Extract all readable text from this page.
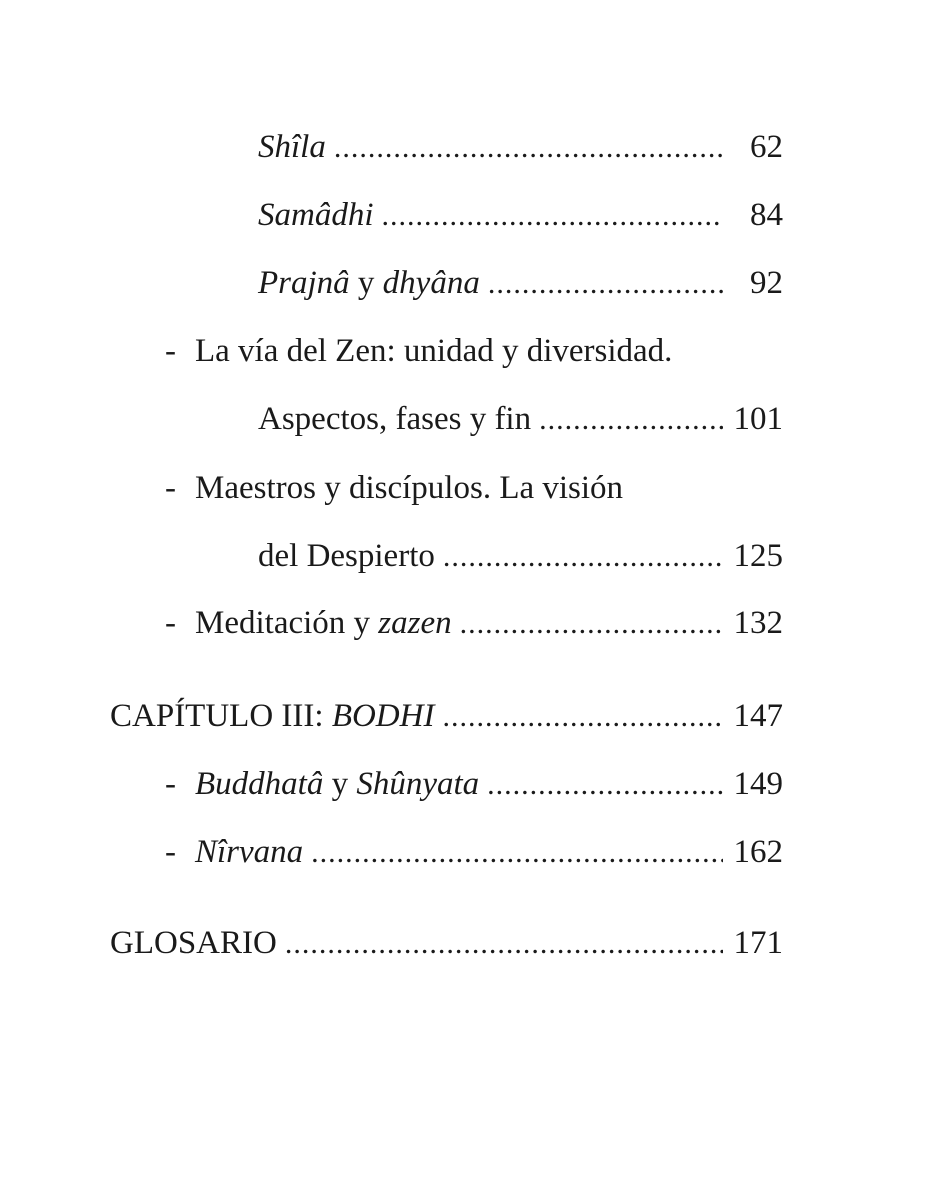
Shîla .....	62
Samâdhi .....	84
Prajnâ y dhyâna .....	92
- La vía del Zen: unidad y diversidad.
Aspectos, fases y fin .....	101
- Maestros y discípulos. La visión
del Despierto .....	125
- Meditación y zazen .....	132
CAPÍTULO III: BODHI .....	147
- Buddhatâ y Shûnyata .....	149
- Nîrvana .....	162
GLOSARIO .....	171
